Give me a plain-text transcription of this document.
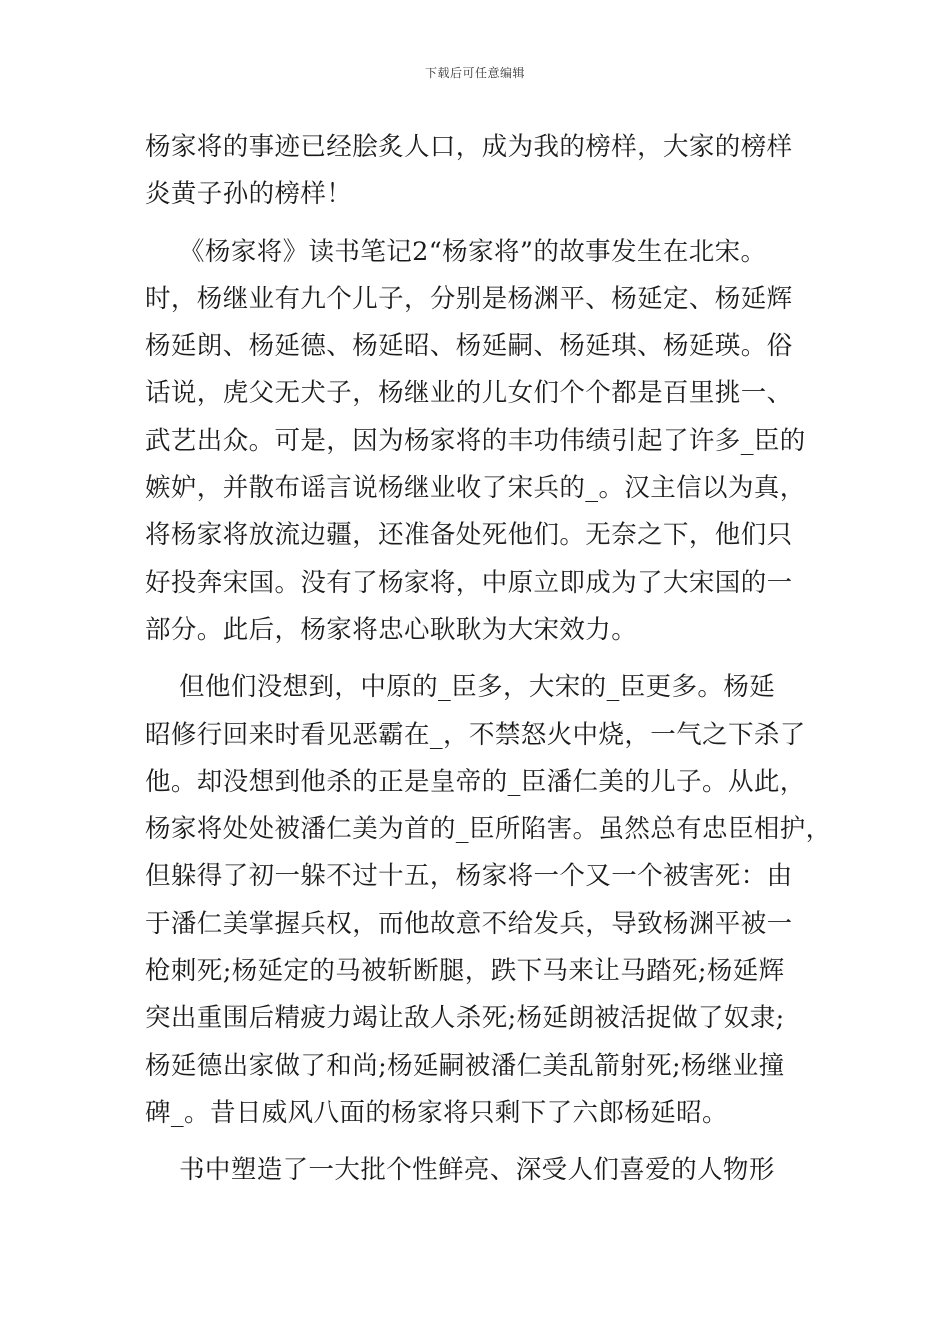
下载后可任意编辑
杨家将的事迹已经脍炙人口，成为我的榜样，大家的榜样
炎黄子孙的榜样！
《杨家将》读书笔记2“杨家将”的故事发生在北宋。
时，杨继业有九个儿子，分别是杨渊平、杨延定、杨延辉
杨延朗、杨延德、杨延昭、杨延嗣、杨延琪、杨延瑛。俗
话说，虎父无犬子，杨继业的儿女们个个都是百里挑一、
武艺出众。可是，因为杨家将的丰功伟绩引起了许多_臣的
嫉妒，并散布谣言说杨继业收了宋兵的_。汉主信以为真，
将杨家将放流边疆，还准备处死他们。无奈之下，他们只
好投奔宋国。没有了杨家将，中原立即成为了大宋国的一
部分。此后，杨家将忠心耿耿为大宋效力。
但他们没想到，中原的_臣多，大宋的_臣更多。杨延
昭修行回来时看见恶霸在_，不禁怒火中烧，一气之下杀了
他。却没想到他杀的正是皇帝的_臣潘仁美的儿子。从此，
杨家将处处被潘仁美为首的_臣所陷害。虽然总有忠臣相护，
但躲得了初一躲不过十五，杨家将一个又一个被害死：由
于潘仁美掌握兵权，而他故意不给发兵，导致杨渊平被一
枪刺死;杨延定的马被斩断腿，跌下马来让马踏死;杨延辉
突出重围后精疲力竭让敌人杀死;杨延朗被活捉做了奴隶;
杨延德出家做了和尚;杨延嗣被潘仁美乱箭射死;杨继业撞
碑_。昔日威风八面的杨家将只剩下了六郎杨延昭。
书中塑造了一大批个性鲜亮、深受人们喜爱的人物形
